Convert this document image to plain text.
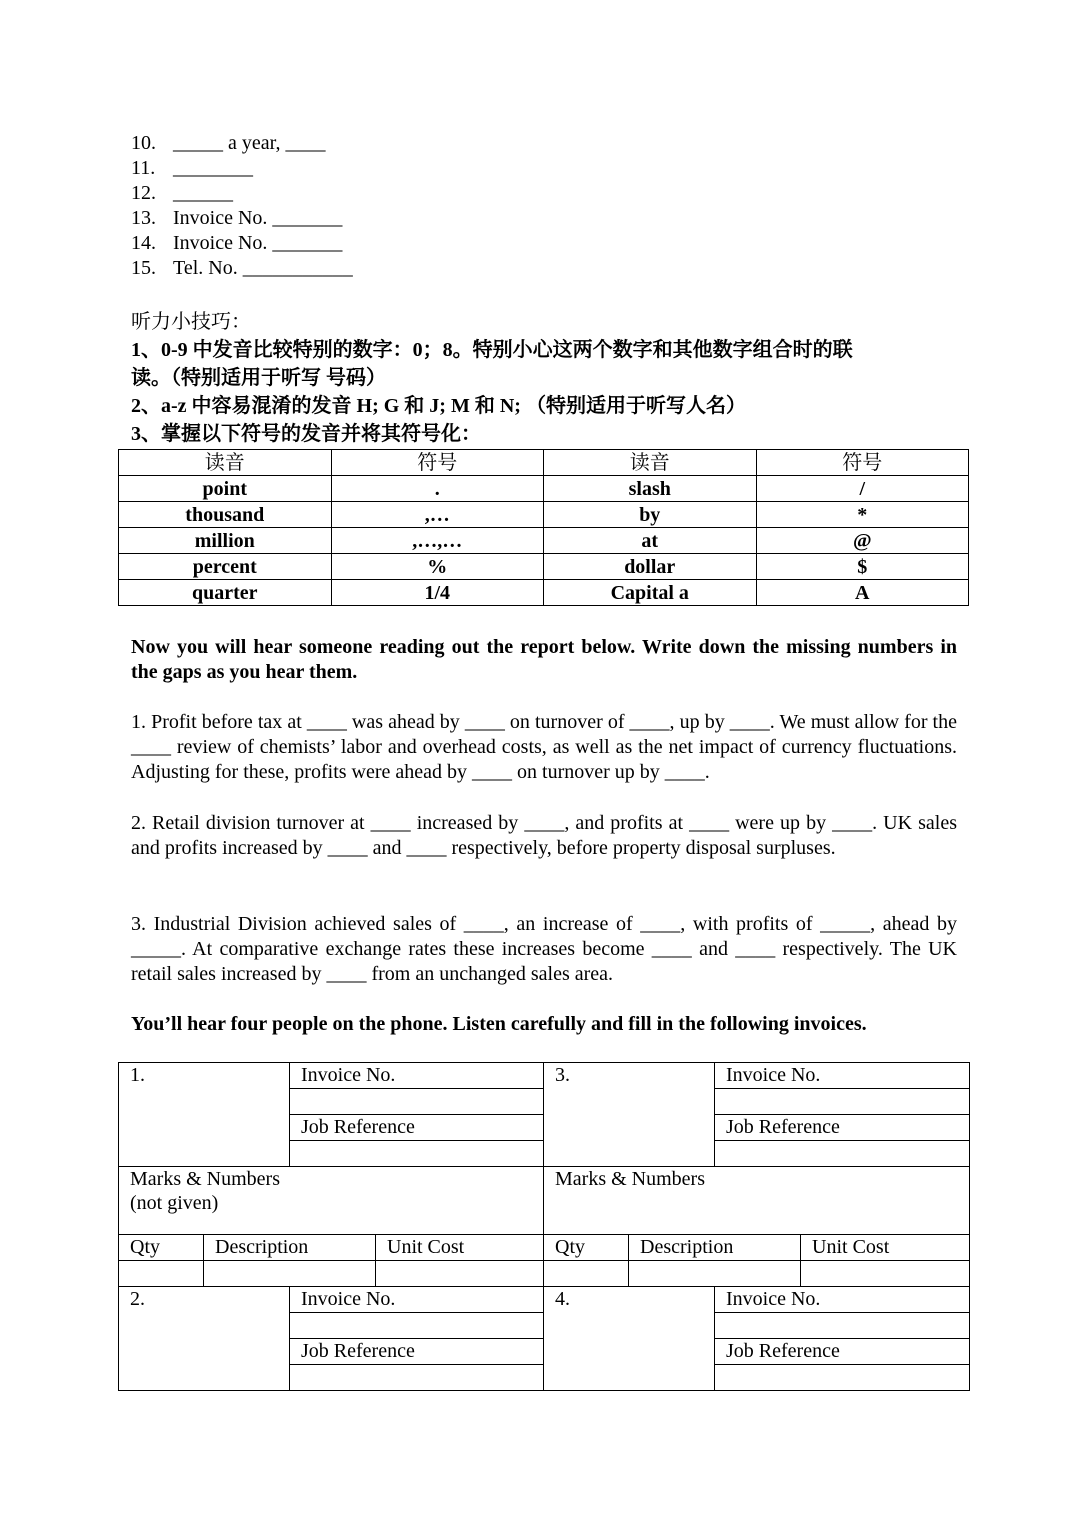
10. _____ a year, ____
11. ________
12. ______
13. Invoice No. _______
14. Invoice No. _______
15. Tel. No. ___________
听力小技巧：
1、0-9 中发音比较特别的数字：0；8。特别小心这两个数字和其他数字组合时的联
读。（特别适用于听写 号码）
2、a-z 中容易混淆的发音 H; G 和 J; M 和 N; （特别适用于听写人名）
3、掌握以下符号的发音并将其符号化：
读音	符号	读音	符号
point	.	slash	/
thousand	,…	by	*
million	,…,…	at	@
percent	%	dollar	$
quarter	1/4	Capital a	A
Now you will hear someone reading out the report below. Write down the missing numbers in the gaps as you hear them.
1. Profit before tax at ____ was ahead by ____ on turnover of ____, up by ____. We must allow for the ____ review of chemists’ labor and overhead costs, as well as the net impact of currency fluctuations. Adjusting for these, profits were ahead by ____ on turnover up by ____.
2. Retail division turnover at ____ increased by ____, and profits at ____ were up by ____. UK sales and profits increased by ____ and ____ respectively, before property disposal surpluses.
3. Industrial Division achieved sales of ____, an increase of ____, with profits of _____, ahead by _____. At comparative exchange rates these increases become ____ and ____ respectively. The UK retail sales increased by ____ from an unchanged sales area.
You’ll hear four people on the phone. Listen carefully and fill in the following invoices.
1.		Invoice No.		3.		Invoice No.	

		Job Reference				Job Reference	

Marks & Numbers
(not given)				Marks & Numbers			

Qty	Description		Unit Cost	Qty	Description		Unit Cost

2.		Invoice No.		4.		Invoice No.	

		Job Reference				Job Reference	
